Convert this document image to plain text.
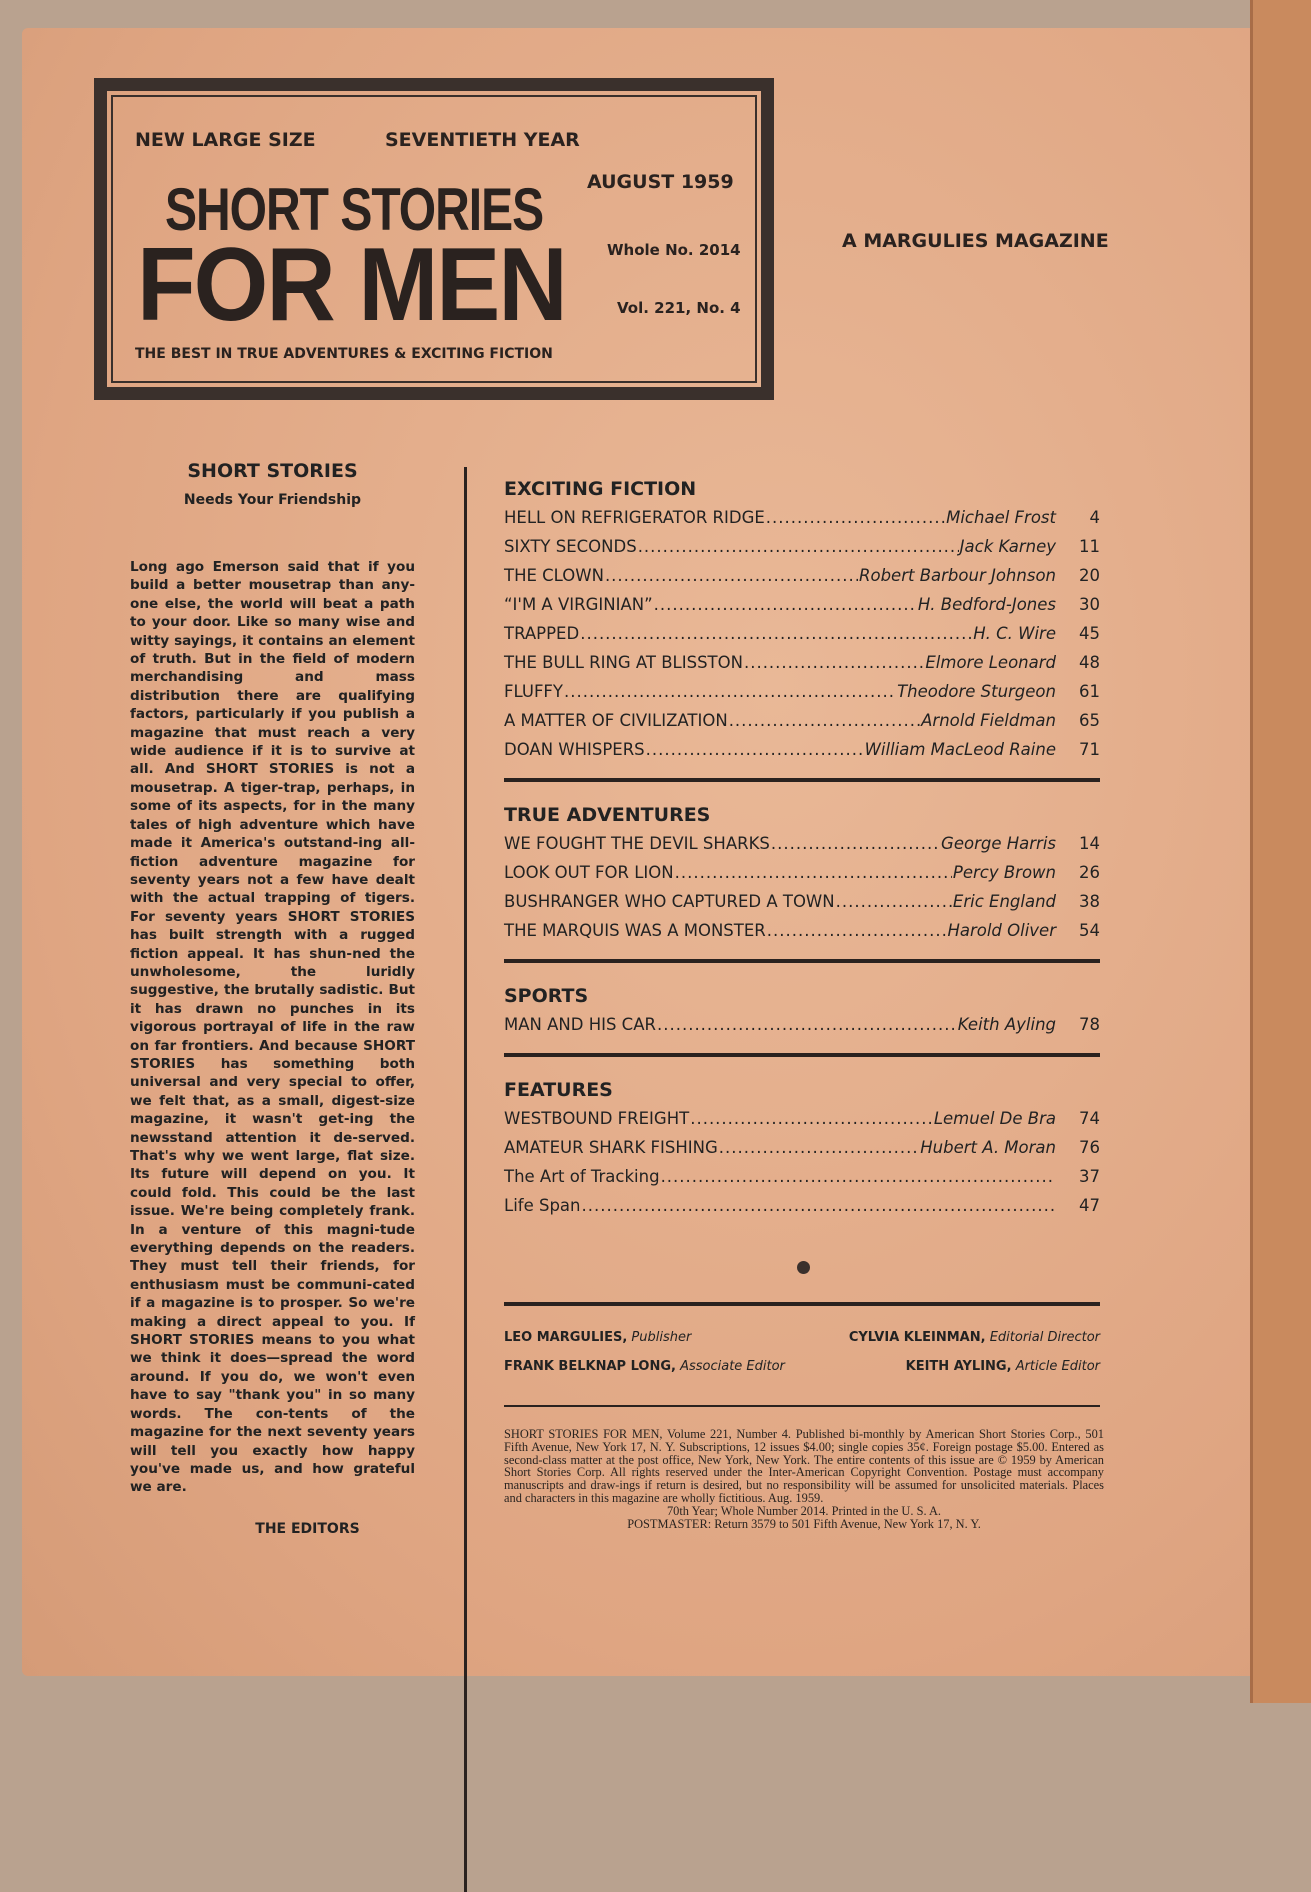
NEW LARGE SIZE	SEVENTIETH YEAR
SHORT STORIES
FOR MEN
AUGUST 1959
Whole No. 2014
Vol. 221, No. 4
THE BEST IN TRUE ADVENTURES & EXCITING FICTION
A MARGULIES MAGAZINE
SHORT STORIES
Needs Your Friendship
Long ago Emerson said that if you build a better mousetrap than any-one else, the world will beat a path to your door. Like so many wise and witty sayings, it contains an element of truth. But in the field of modern merchandising and mass distribution there are qualifying factors, particularly if you publish a magazine that must reach a very wide audience if it is to survive at all. And SHORT STORIES is not a mousetrap. A tiger-trap, perhaps, in some of its aspects, for in the many tales of high adventure which have made it America's outstand-ing all-fiction adventure magazine for seventy years not a few have dealt with the actual trapping of tigers. For seventy years SHORT STORIES has built strength with a rugged fiction appeal. It has shun-ned the unwholesome, the luridly suggestive, the brutally sadistic. But it has drawn no punches in its vigorous portrayal of life in the raw on far frontiers. And because SHORT STORIES has something both universal and very special to offer, we felt that, as a small, digest-size magazine, it wasn't get-ing the newsstand attention it de-served. That's why we went large, flat size. Its future will depend on you. It could fold. This could be the last issue. We're being completely frank. In a venture of this magni-tude everything depends on the readers. They must tell their friends, for enthusiasm must be communi-cated if a magazine is to prosper. So we're making a direct appeal to you. If SHORT STORIES means to you what we think it does—spread the word around. If you do, we won't even have to say "thank you" in so many words. The con-tents of the magazine for the next seventy years will tell you exactly how happy you've made us, and how grateful we are.
THE EDITORS
EXCITING FICTION
HELL ON REFRIGERATOR RIDGE .....	Michael Frost	4
SIXTY SECONDS .....	Jack Karney	11
THE CLOWN .....	Robert Barbour Johnson	20
“I'M A VIRGINIAN” .....	H. Bedford-Jones	30
TRAPPED .....	H. C. Wire	45
THE BULL RING AT BLISSTON .....	Elmore Leonard	48
FLUFFY .....	Theodore Sturgeon	61
A MATTER OF CIVILIZATION .....	Arnold Fieldman	65
DOAN WHISPERS .....	William MacLeod Raine	71
TRUE ADVENTURES
WE FOUGHT THE DEVIL SHARKS .....	George Harris	14
LOOK OUT FOR LION .....	Percy Brown	26
BUSHRANGER WHO CAPTURED A TOWN .....	Eric England	38
THE MARQUIS WAS A MONSTER .....	Harold Oliver	54
SPORTS
MAN AND HIS CAR .....	Keith Ayling	78
FEATURES
WESTBOUND FREIGHT .....	Lemuel De Bra	74
AMATEUR SHARK FISHING .....	Hubert A. Moran	76
The Art of Tracking .....	37
Life Span .....	47
LEO MARGULIES, Publisher	CYLVIA KLEINMAN, Editorial Director
FRANK BELKNAP LONG, Associate Editor	KEITH AYLING, Article Editor
SHORT STORIES FOR MEN, Volume 221, Number 4. Published bi-monthly by American Short Stories Corp., 501 Fifth Avenue, New York 17, N. Y. Subscriptions, 12 issues $4.00; single copies 35¢. Foreign postage $5.00. Entered as second-class matter at the post office, New York, New York. The entire contents of this issue are © 1959 by American Short Stories Corp. All rights reserved under the Inter-American Copyright Convention. Postage must accompany manuscripts and draw-ings if return is desired, but no responsibility will be assumed for unsolicited materials. Places and characters in this magazine are wholly fictitious. Aug. 1959.
70th Year; Whole Number 2014. Printed in the U. S. A.
POSTMASTER: Return 3579 to 501 Fifth Avenue, New York 17, N. Y.
